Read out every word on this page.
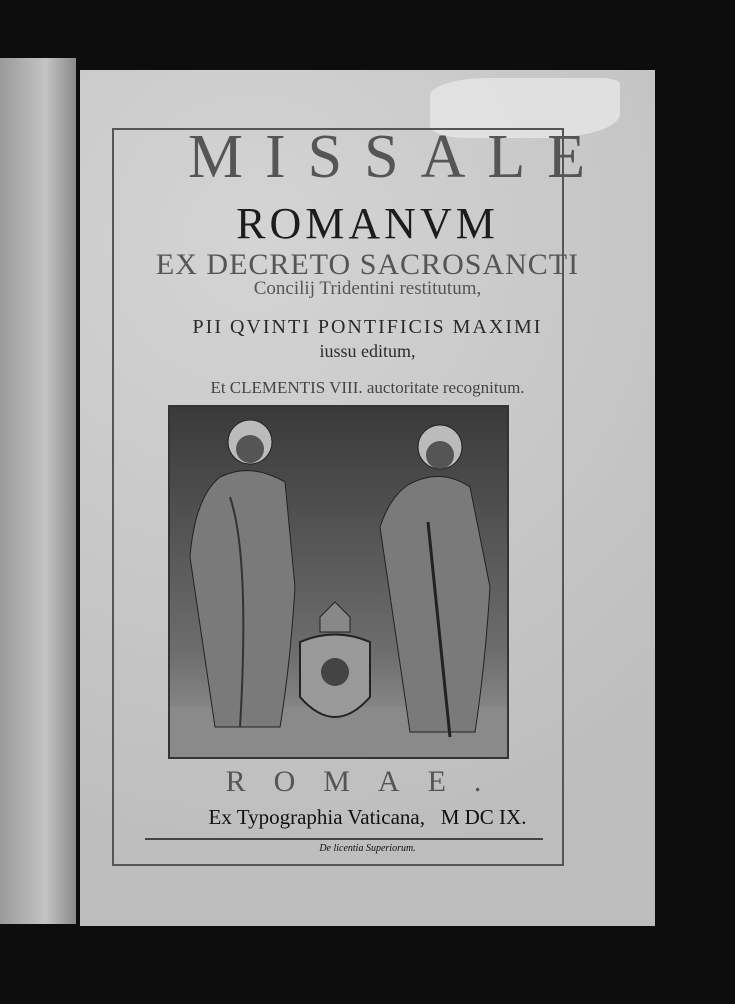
MISSALE
ROMANVM
EX DECRETO SACROSANCTI
Concilij Tridentini restitutum,
PII QVINTI PONTIFICIS MAXIMI
iussu editum,
Et CLEMENTIS VIII. auctoritate recognitum.
ROMAE.
Ex Typographia Vaticana,   M DC IX.
De licentia Superiorum.
